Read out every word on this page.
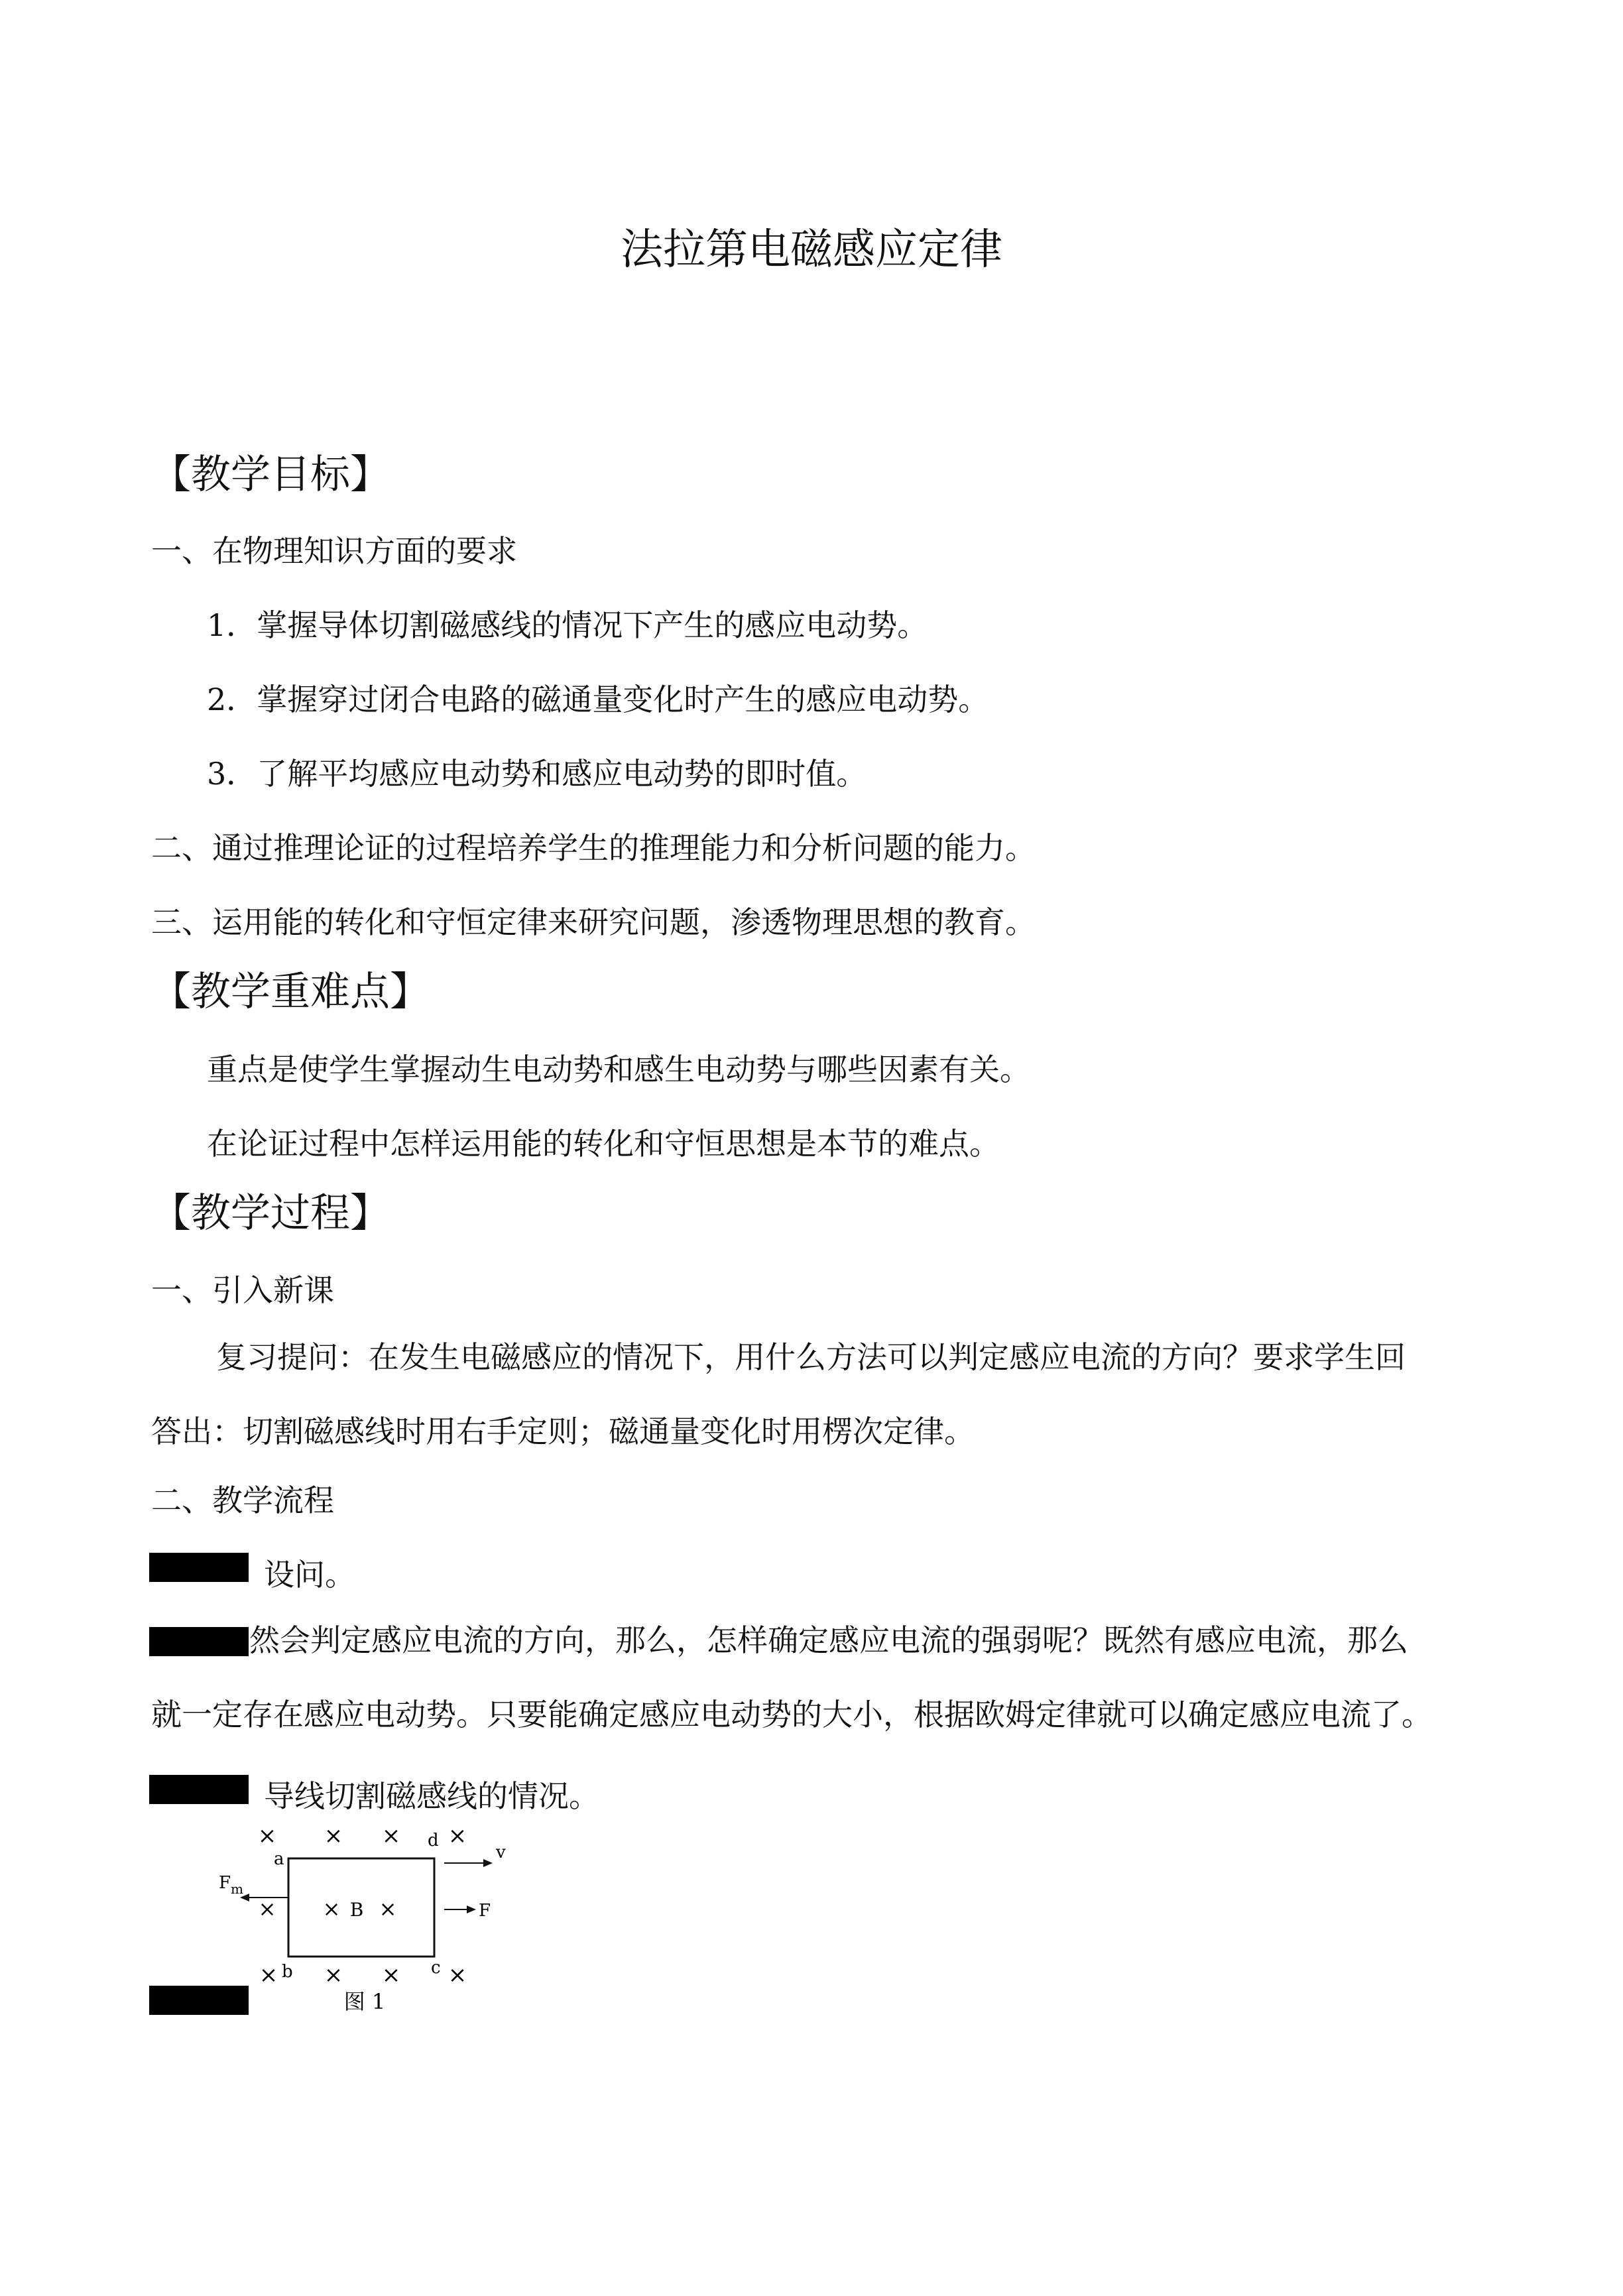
法拉第电磁感应定律
【教学目标】
一、在物理知识方面的要求
1．掌握导体切割磁感线的情况下产生的感应电动势。
2．掌握穿过闭合电路的磁通量变化时产生的感应电动势。
3．了解平均感应电动势和感应电动势的即时值。
二、通过推理论证的过程培养学生的推理能力和分析问题的能力。
三、运用能的转化和守恒定律来研究问题，渗透物理思想的教育。
【教学重难点】
重点是使学生掌握动生电动势和感生电动势与哪些因素有关。
在论证过程中怎样运用能的转化和守恒思想是本节的难点。
【教学过程】
一、引入新课
复习提问：在发生电磁感应的情况下，用什么方法可以判定感应电流的方向？要求学生回
答出：切割磁感线时用右手定则；磁通量变化时用楞次定律。
二、教学流程
设问。
然会判定感应电流的方向，那么，怎样确定感应电流的强弱呢？既然有感应电流，那么
就一定存在感应电动势。只要能确定感应电动势的大小，根据欧姆定律就可以确定感应电流了。
导线切割磁感线的情况。
× × × ×
a
d
b	c
× B ×
×
$F_m$
v
F
× × × ×
图 1
